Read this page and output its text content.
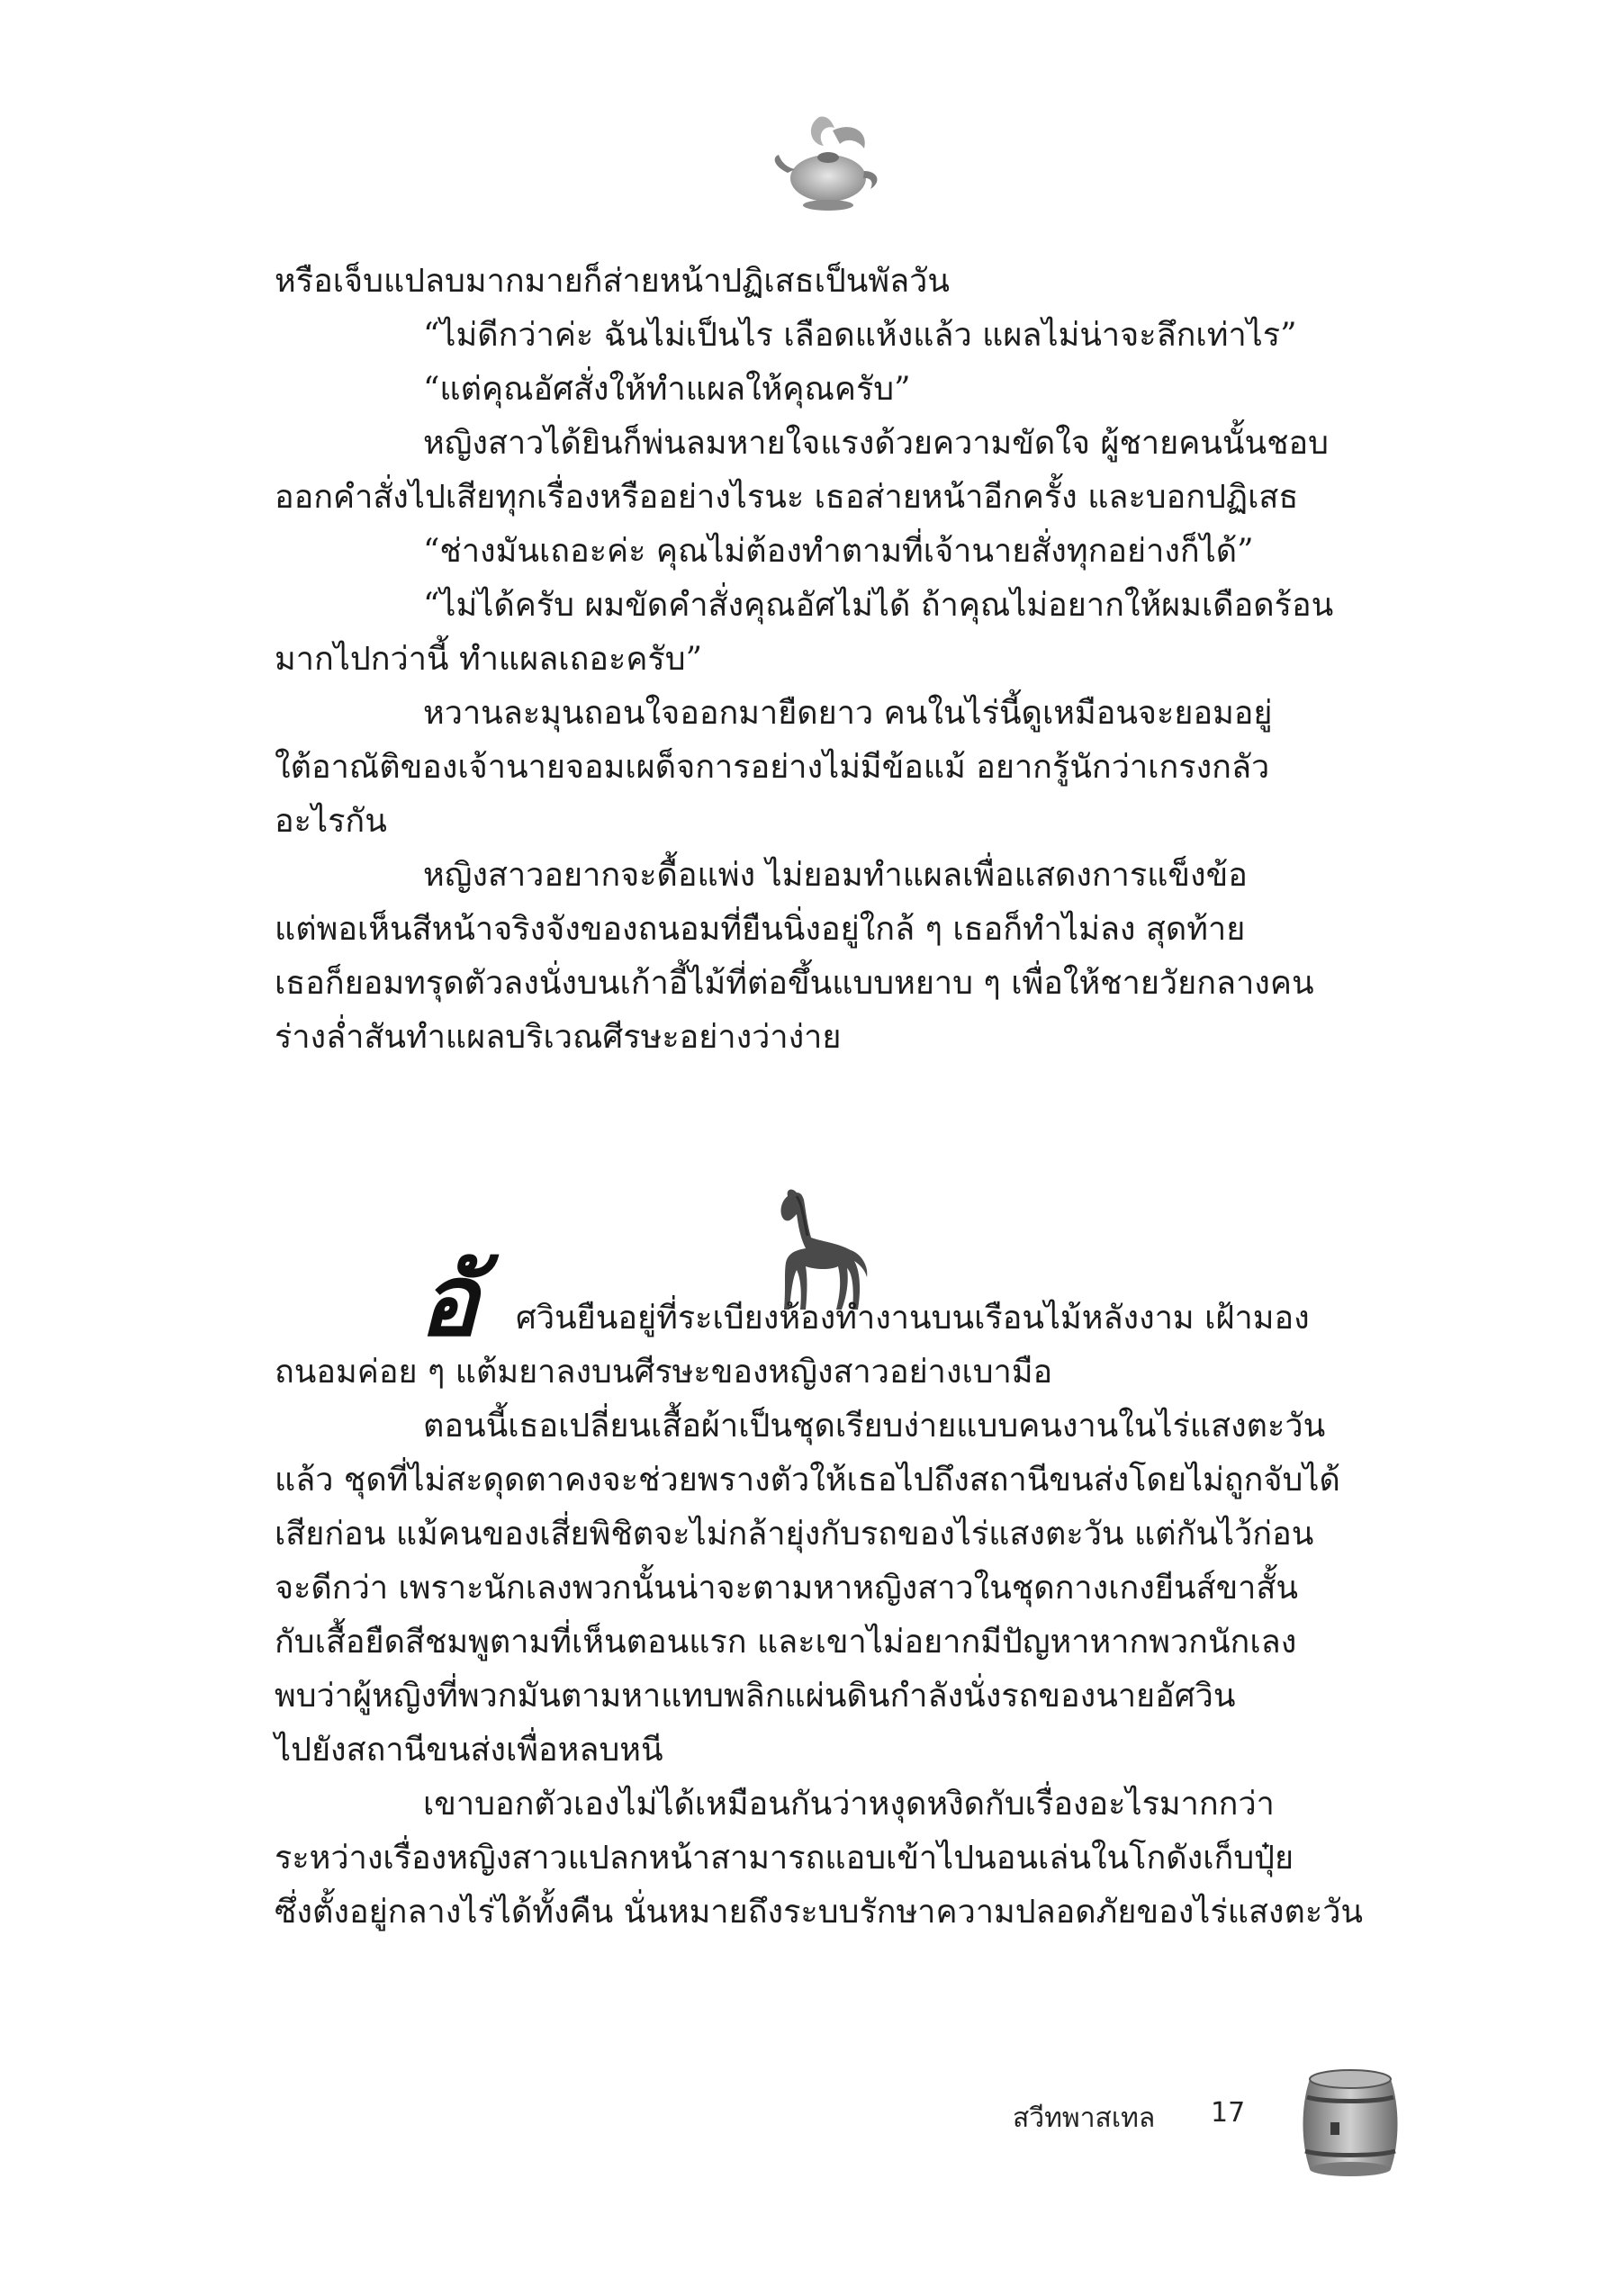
หรือเจ็บแปลบมากมายก็ส่ายหน้าปฏิเสธเป็นพัลวัน
“ไม่ดีกว่าค่ะ ฉันไม่เป็นไร เลือดแห้งแล้ว แผลไม่น่าจะลึกเท่าไร”
“แต่คุณอัศสั่งให้ทำแผลให้คุณครับ”
หญิงสาวได้ยินก็พ่นลมหายใจแรงด้วยความขัดใจ ผู้ชายคนนั้นชอบ
ออกคำสั่งไปเสียทุกเรื่องหรืออย่างไรนะ เธอส่ายหน้าอีกครั้ง และบอกปฏิเสธ
“ช่างมันเถอะค่ะ คุณไม่ต้องทำตามที่เจ้านายสั่งทุกอย่างก็ได้”
“ไม่ได้ครับ ผมขัดคำสั่งคุณอัศไม่ได้ ถ้าคุณไม่อยากให้ผมเดือดร้อน
มากไปกว่านี้ ทำแผลเถอะครับ”
หวานละมุนถอนใจออกมายืดยาว คนในไร่นี้ดูเหมือนจะยอมอยู่
ใต้อาณัติของเจ้านายจอมเผด็จการอย่างไม่มีข้อแม้ อยากรู้นักว่าเกรงกลัว
อะไรกัน
หญิงสาวอยากจะดื้อแพ่ง ไม่ยอมทำแผลเพื่อแสดงการแข็งข้อ
แต่พอเห็นสีหน้าจริงจังของถนอมที่ยืนนิ่งอยู่ใกล้ ๆ เธอก็ทำไม่ลง สุดท้าย
เธอก็ยอมทรุดตัวลงนั่งบนเก้าอี้ไม้ที่ต่อขึ้นแบบหยาบ ๆ เพื่อให้ชายวัยกลางคน
ร่างล่ำสันทำแผลบริเวณศีรษะอย่างว่าง่าย
อั ศวินยืนอยู่ที่ระเบียงห้องทำงานบนเรือนไม้หลังงาม เฝ้ามอง
ถนอมค่อย ๆ แต้มยาลงบนศีรษะของหญิงสาวอย่างเบามือ
ตอนนี้เธอเปลี่ยนเสื้อผ้าเป็นชุดเรียบง่ายแบบคนงานในไร่แสงตะวัน
แล้ว ชุดที่ไม่สะดุดตาคงจะช่วยพรางตัวให้เธอไปถึงสถานีขนส่งโดยไม่ถูกจับได้
เสียก่อน แม้คนของเสี่ยพิชิตจะไม่กล้ายุ่งกับรถของไร่แสงตะวัน แต่กันไว้ก่อน
จะดีกว่า เพราะนักเลงพวกนั้นน่าจะตามหาหญิงสาวในชุดกางเกงยีนส์ขาสั้น
กับเสื้อยืดสีชมพูตามที่เห็นตอนแรก และเขาไม่อยากมีปัญหาหากพวกนักเลง
พบว่าผู้หญิงที่พวกมันตามหาแทบพลิกแผ่นดินกำลังนั่งรถของนายอัศวิน
ไปยังสถานีขนส่งเพื่อหลบหนี
เขาบอกตัวเองไม่ได้เหมือนกันว่าหงุดหงิดกับเรื่องอะไรมากกว่า
ระหว่างเรื่องหญิงสาวแปลกหน้าสามารถแอบเข้าไปนอนเล่นในโกดังเก็บปุ๋ย
ซึ่งตั้งอยู่กลางไร่ได้ทั้งคืน นั่นหมายถึงระบบรักษาความปลอดภัยของไร่แสงตะวัน
สวีทพาสเทล 17
